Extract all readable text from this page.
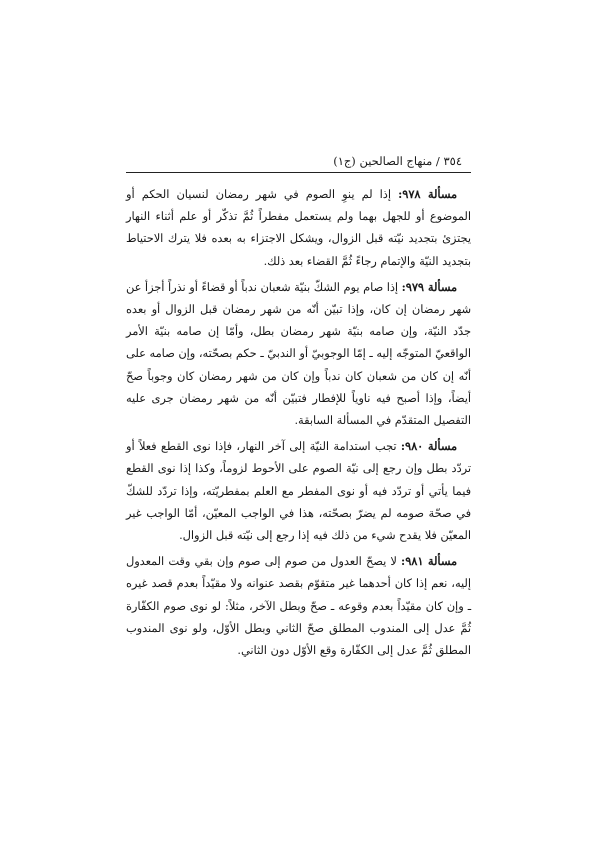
٣٥٤ / منهاج الصالحين (ج١)

مسألة ٩٧٨: إذا لم ينوِ الصوم في شهر رمضان لنسيان الحكم أو الموضوع أو للجهل بهما ولم يستعمل مفطراً ثُمَّ تذكّر أو علم أثناء النهار يجتزئ بتجديد نيّته قبل الزوال، ويشكل الاجتزاء به بعده فلا يترك الاحتياط بتجديد النيّة والإتمام رجاءً ثُمَّ القضاء بعد ذلك.

مسألة ٩٧٩: إذا صام يوم الشكّ بنيّة شعبان ندباً أو قضاءً أو نذراً أجزأ عن شهر رمضان إن كان، وإذا تبيّن أنّه من شهر رمضان قبل الزوال أو بعده جدّد النيّة، وإن صامه بنيّة شهر رمضان بطل، وأمّا إن صامه بنيّة الأمر الواقعيّ المتوجّه إليه ـ إمّا الوجوبيّ أو الندبيّ ـ حكم بصحّته، وإن صامه على أنّه إن كان من شعبان كان ندباً وإن كان من شهر رمضان كان وجوباً صحّ أيضاً، وإذا أصبح فيه ناوياً للإفطار فتبيّن أنّه من شهر رمضان جرى عليه التفصيل المتقدّم في المسألة السابقة.

مسألة ٩٨٠: تجب استدامة النيّة إلى آخر النهار، فإذا نوى القطع فعلاً أو تردّد بطل وإن رجع إلى نيّة الصوم على الأحوط لزوماً، وكذا إذا نوى القطع فيما يأتي أو تردّد فيه أو نوى المفطر مع العلم بمفطريّته، وإذا تردّد للشكّ في صحّة صومه لم يضرّ بصحّته، هذا في الواجب المعيّن، أمّا الواجب غير المعيّن فلا يقدح شيء من ذلك فيه إذا رجع إلى نيّته قبل الزوال.

مسألة ٩٨١: لا يصحّ العدول من صوم إلى صوم وإن بقي وقت المعدول إليه، نعم إذا كان أحدهما غير متقوّم بقصد عنوانه ولا مقيّداً بعدم قصد غيره ـ وإن كان مقيّداً بعدم وقوعه ـ صحّ وبطل الآخر، مثلاً: لو نوى صوم الكفّارة ثُمَّ عدل إلى المندوب المطلق صحّ الثاني وبطل الأوّل، ولو نوى المندوب المطلق ثُمَّ عدل إلى الكفّارة وقع الأوّل دون الثاني.
